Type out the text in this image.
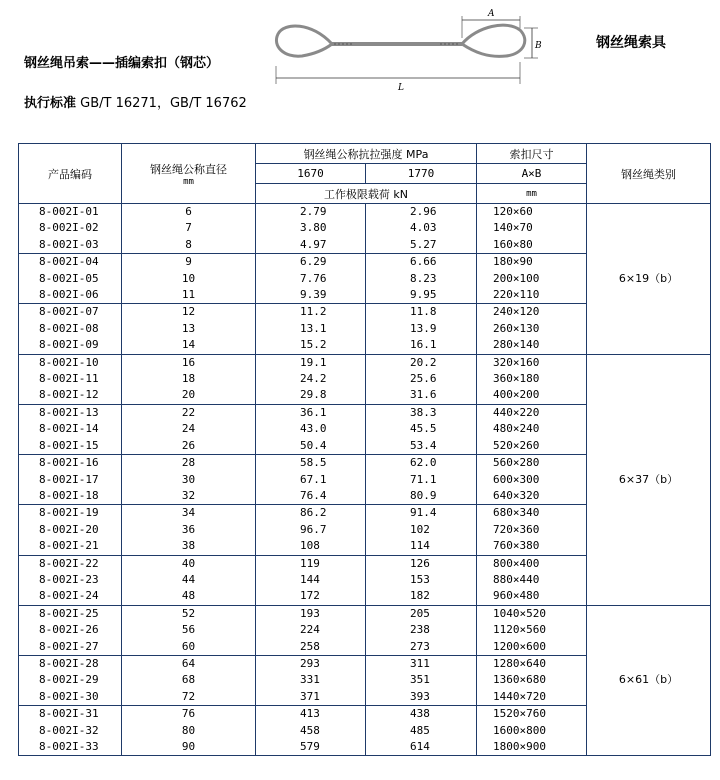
钢丝绳吊索——插编索扣（钢芯）
钢丝绳索具
执行标准 GB/T 16271，GB/T 16762
A
B
L
产品编码	钢丝绳公称直径
mm	钢丝绳公称抗拉强度 MPa		索扣尺寸	钢丝绳类别
		1670	1770	A×B	
		工作极限载荷 kN		mm	
8-002I-01	6	2.79	2.96	120×60	6×19（b）
8-002I-02	7	3.80	4.03	140×70	
8-002I-03	8	4.97	5.27	160×80	
8-002I-04	9	6.29	6.66	180×90	
8-002I-05	10	7.76	8.23	200×100	
8-002I-06	11	9.39	9.95	220×110	
8-002I-07	12	11.2	11.8	240×120	
8-002I-08	13	13.1	13.9	260×130	
8-002I-09	14	15.2	16.1	280×140	
8-002I-10	16	19.1	20.2	320×160	6×37（b）
8-002I-11	18	24.2	25.6	360×180	
8-002I-12	20	29.8	31.6	400×200	
8-002I-13	22	36.1	38.3	440×220	
8-002I-14	24	43.0	45.5	480×240	
8-002I-15	26	50.4	53.4	520×260	
8-002I-16	28	58.5	62.0	560×280	
8-002I-17	30	67.1	71.1	600×300	
8-002I-18	32	76.4	80.9	640×320	
8-002I-19	34	86.2	91.4	680×340	
8-002I-20	36	96.7	102	720×360	
8-002I-21	38	108	114	760×380	
8-002I-22	40	119	126	800×400	
8-002I-23	44	144	153	880×440	
8-002I-24	48	172	182	960×480	
8-002I-25	52	193	205	1040×520	6×61（b）
8-002I-26	56	224	238	1120×560	
8-002I-27	60	258	273	1200×600	
8-002I-28	64	293	311	1280×640	
8-002I-29	68	331	351	1360×680	
8-002I-30	72	371	393	1440×720	
8-002I-31	76	413	438	1520×760	
8-002I-32	80	458	485	1600×800	
8-002I-33	90	579	614	1800×900	
